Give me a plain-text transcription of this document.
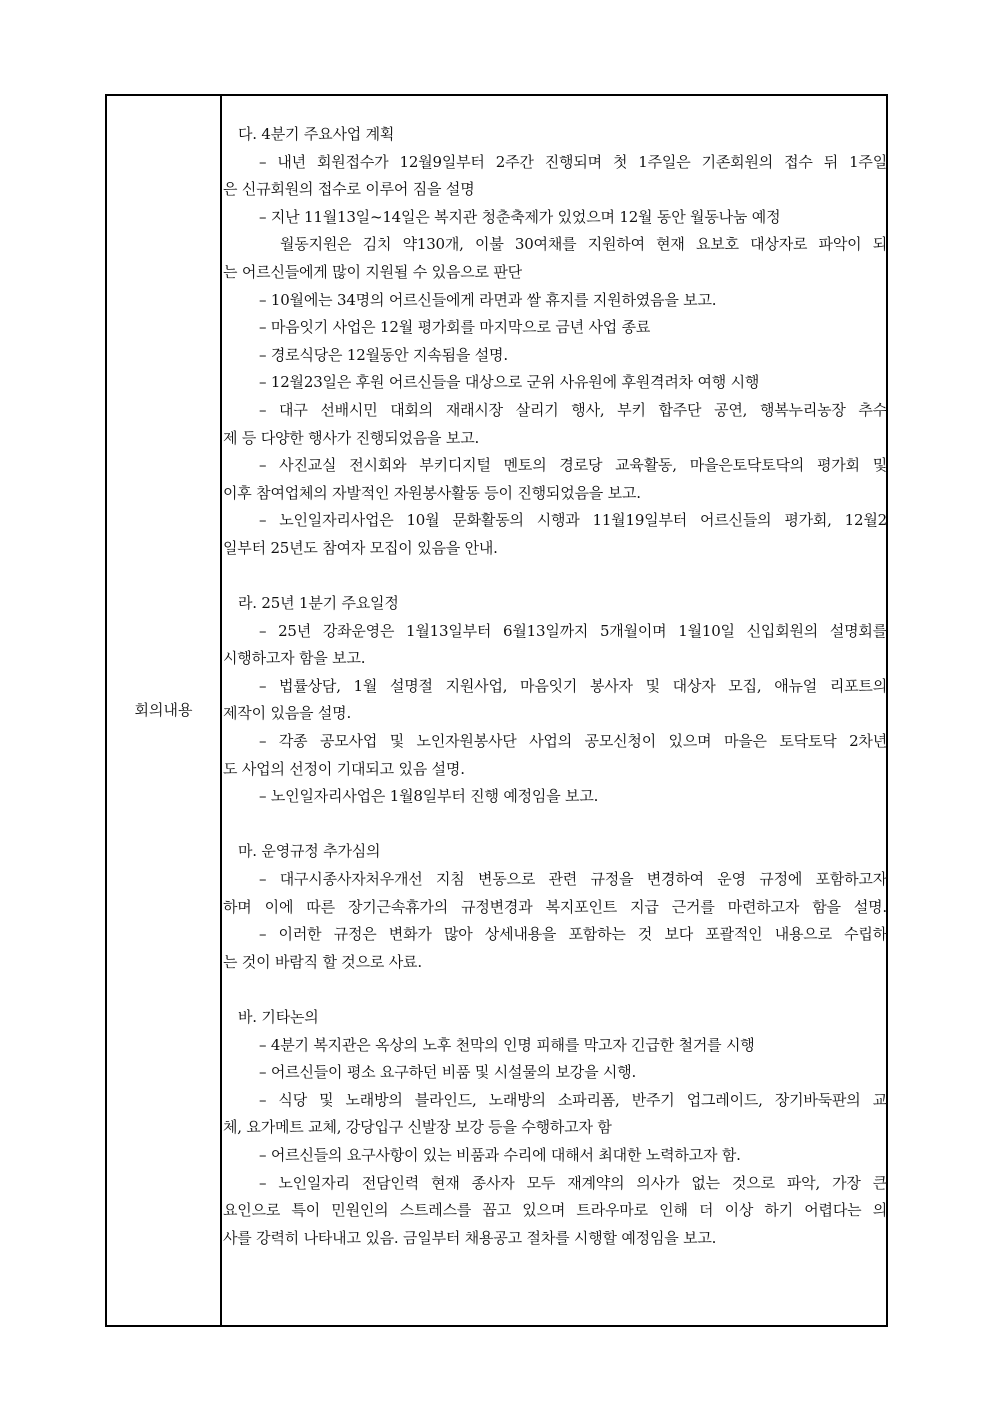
회의내용
다. 4분기 주요사업 계획
– 내년 회원접수가 12월9일부터 2주간 진행되며 첫 1주일은 기존회원의 접수 뒤 1주일
은 신규회원의 접수로 이루어 짐을 설명
– 지난 11월13일~14일은 복지관 청춘축제가 있었으며 12월 동안 월동나눔 예정
월동지원은 김치 약130개, 이불 30여채를 지원하여 현재 요보호 대상자로 파악이 되
는 어르신들에게 많이 지원될 수 있음으로 판단
– 10월에는 34명의 어르신들에게 라면과 쌀 휴지를 지원하였음을 보고.
– 마음잇기 사업은 12월 평가회를 마지막으로 금년 사업 종료
– 경로식당은 12월동안 지속됨을 설명.
– 12월23일은 후원 어르신들을 대상으로 군위 사유원에 후원격려차 여행 시행
– 대구 선배시민 대회의 재래시장 살리기 행사, 부키 합주단 공연, 행복누리농장 추수
제 등 다양한 행사가 진행되었음을 보고.
– 사진교실 전시회와 부키디지털 멘토의 경로당 교육활동, 마을은토닥토닥의 평가회 및
이후 참여업체의 자발적인 자원봉사활동 등이 진행되었음을 보고.
– 노인일자리사업은 10월 문화활동의 시행과 11월19일부터 어르신들의 평가회, 12월2
일부터 25년도 참여자 모집이 있음을 안내.
라. 25년 1분기 주요일정
– 25년 강좌운영은 1월13일부터 6월13일까지 5개월이며 1월10일 신입회원의 설명회를
시행하고자 함을 보고.
– 법률상담, 1월 설명절 지원사업, 마음잇기 봉사자 및 대상자 모집, 애뉴얼 리포트의
제작이 있음을 설명.
– 각종 공모사업 및 노인자원봉사단 사업의 공모신청이 있으며 마을은 토닥토닥 2차년
도 사업의 선정이 기대되고 있음 설명.
– 노인일자리사업은 1월8일부터 진행 예정임을 보고.
마. 운영규정 추가심의
– 대구시종사자처우개선 지침 변동으로 관련 규정을 변경하여 운영 규정에 포함하고자
하며 이에 따른 장기근속휴가의 규정변경과 복지포인트 지급 근거를 마련하고자 함을 설명.
– 이러한 규정은 변화가 많아 상세내용을 포함하는 것 보다 포괄적인 내용으로 수립하
는 것이 바람직 할 것으로 사료.
바. 기타논의
– 4분기 복지관은 옥상의 노후 천막의 인명 피해를 막고자 긴급한 철거를 시행
– 어르신들이 평소 요구하던 비품 및 시설물의 보강을 시행.
– 식당 및 노래방의 블라인드, 노래방의 소파리폼, 반주기 업그레이드, 장기바둑판의 교
체, 요가메트 교체, 강당입구 신발장 보강 등을 수행하고자 함
– 어르신들의 요구사항이 있는 비품과 수리에 대해서 최대한 노력하고자 함.
– 노인일자리 전담인력 현재 종사자 모두 재계약의 의사가 없는 것으로 파악, 가장 큰
요인으로 특이 민원인의 스트레스를 꼽고 있으며 트라우마로 인해 더 이상 하기 어렵다는 의
사를 강력히 나타내고 있음. 금일부터 채용공고 절차를 시행할 예정임을 보고.
